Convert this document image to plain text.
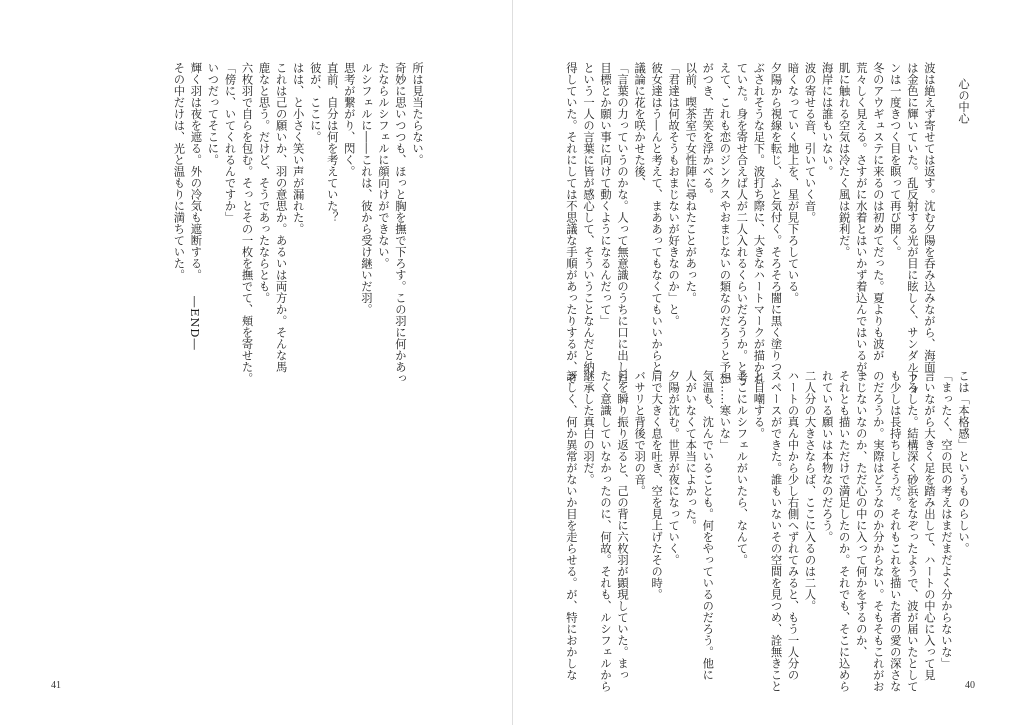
心の中心

波は絶えず寄せては返す。沈む夕陽を呑み込みながら、海面
は金色に輝いていた。乱反射する光が目に眩しく、サンダルフォ
ンは一度きつく目を瞑って再び開く。
冬のアウギュステに来るのは初めてだった。夏よりも波が
荒々しく見える。さすがに水着とはいかず着込んではいるが、
肌に触れる空気は冷たく風は鋭利だ。
海岸には誰もいない。
波の寄せる音、引いていく音。
暗くなっていく地上を、星が見下ろしている。
夕陽から視線を転じ、ふと気付く。そろそろ闇に黒く塗りつ
ぶされそうな足下。波打ち際に、大きなハートマークが描かれ
ていた。身を寄せ合えば人が二人入れるくらいだろうか。と考
えて、これも恋のジンクスやおまじないの類なのだろうと予想
がつき、苦笑を浮かべる。
以前、喫茶室で女性陣に尋ねたことがあった。
「君達は何故そうもおまじないが好きなのか」と。
彼女達はう―んと考えて、まああってもなくてもいいからと
議論に花を咲かせた後、
「言葉の力っていうのかな。人って無意識のうちに口に出した
目標とか願い事に向けて動くようになるんだって」
という一人の言葉に皆が感心して、そういうことなんだと納
得していた。それにしては不思議な手順があったりするが、そ
こは「本格感」というものらしい。
「まったく、空の民の考えはまだまだよく分からないな」
言いながら大きく足を踏み出して、ハートの中心に入って見
下ろした。結構深く砂浜をなぞったようで、波が届いたとして
も少しは長持ちしそうだ。それもこれを描いた者の愛の深さな
のだろうか。実際はどうなのか分からない。そもそもこれがお
まじないなのか、ただ心の中に入って何かをするのか、
それとも描いただけで満足したのか。それでも、そこに込めら
れている願いは本物なのだろう。
二人分の大きさならば、ここに入るのは二人。
ハートの真ん中から少し右側へずれてみると、もう一人分の
スペースができた。誰もいないその空間を見つめ、詮無きこと
と自嘲する。
ここにルシフェルがいたら、なんて。
「……寒いな」
気温も、沈んでいることも。何をやっているのだろう。他に
人がいなくて本当によかった。
夕陽が沈む。世界が夜になっていく。
肩で大きく息を吐き、空を見上げたその時。
バサリと背後で羽の音。
目を瞬り振り返ると、己の背に六枚羽が顕現していた。まっ
たく意識していなかったのに、何故。それも、ルシフェルから
継承した真白の羽だ。
訝しく、何か異常がないか目を走らせる。が、特におかしな
40
所は見当たらない。
奇妙に思いつつも、ほっと胸を撫で下ろす。この羽に何かあっ
たならルシフェルに顔向けができない。
ルシフェルに――これは、彼から受け継いだ羽。
思考が繋がり、閃く。
直前、自分は何を考えていた？
彼が、ここに。
はは、と小さく笑い声が漏れた。
これは己の願いか、羽の意思か。あるいは両方か。そんな馬
鹿なと思う。だけど、そうであったならとも。
六枚羽で自らを包む。そっとその一枚を撫でて、頬を寄せた。
「傍に、いてくれるんですか」
いつだってそこに。
輝く羽は夜を遮る。外の冷気も遮断する。
その中だけは、光と温もりに満ちていた。
―END―
41
